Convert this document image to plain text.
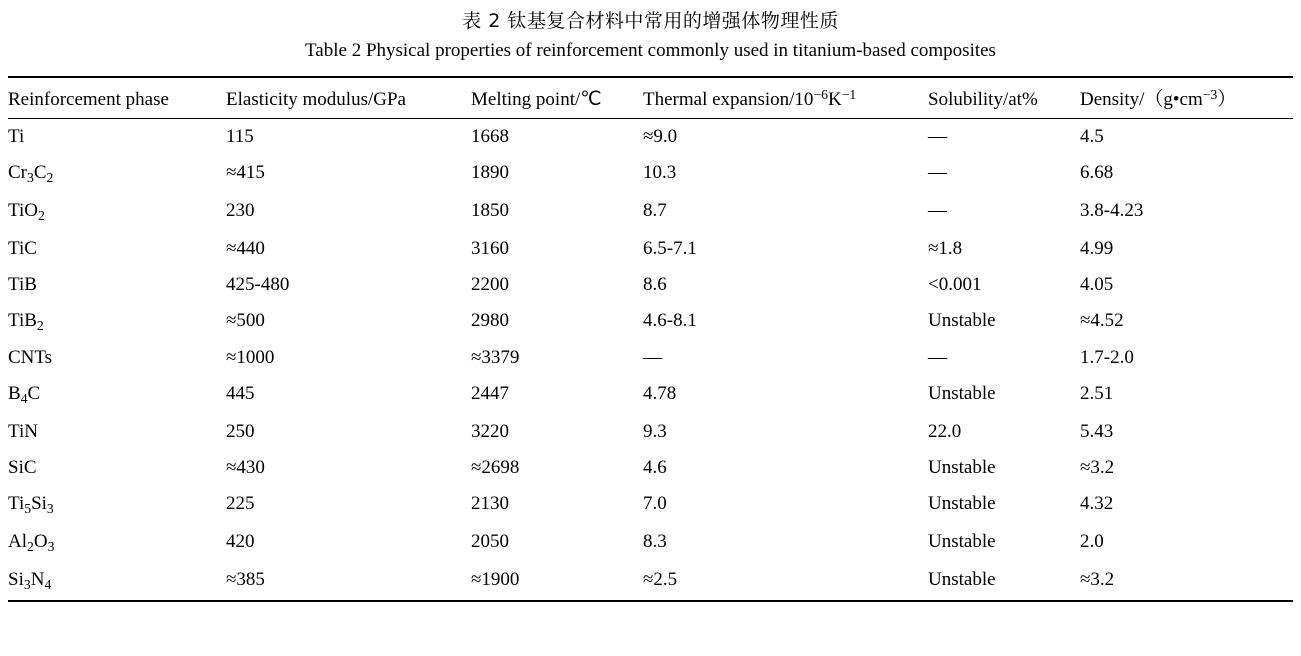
表 2 钛基复合材料中常用的增强体物理性质
Table 2 Physical properties of reinforcement commonly used in titanium-based composites
Reinforcement phase	Elasticity modulus/GPa	Melting point/℃	Thermal expansion/$10^{-6}K^{-1}$	Solubility/at%	Density/$(g•cm^{-3})$
Ti	115	1668	≈9.0	—	4.5
$Cr_3C_2$	≈415	1890	10.3	—	6.68
TiO$_2$	230	1850	8.7	—	3.8-4.23
TiC	≈440	3160	6.5-7.1	≈1.8	4.99
TiB	425-480	2200	8.6	<0.001	4.05
TiB$_2$	≈500	2980	4.6-8.1	Unstable	≈4.52
CNTs	≈1000	≈3379	—	—	1.7-2.0
$B_4C$	445	2447	4.78	Unstable	2.51
TiN	250	3220	9.3	22.0	5.43
SiC	≈430	≈2698	4.6	Unstable	≈3.2
$Ti_5Si_3$	225	2130	7.0	Unstable	4.32
$Al_2O_3$	420	2050	8.3	Unstable	2.0
$Si_3N_4$	≈385	≈1900	≈2.5	Unstable	≈3.2
